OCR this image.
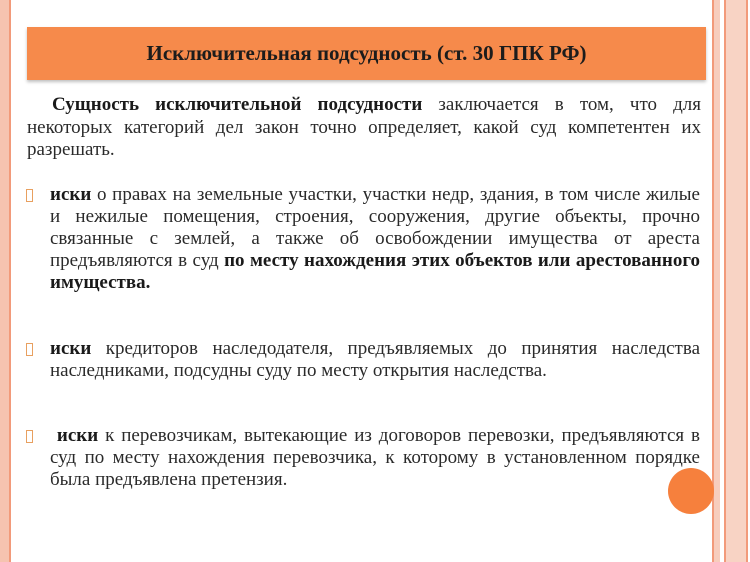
Исключительная подсудность (ст. 30 ГПК РФ)

Сущность исключительной подсудности заключается в том, что для некоторых категорий дел закон точно определяет, какой суд компетентен их разрешать.

иски о правах на земельные участки, участки недр, здания, в том числе жилые и нежилые помещения, строения, сооружения, другие объекты, прочно связанные с землей, а также об освобождении имущества от ареста предъявляются в суд по месту нахождения этих объектов или арестованного имущества.

иски кредиторов наследодателя, предъявляемых до принятия наследства наследниками, подсудны суду по месту открытия наследства.

иски к перевозчикам, вытекающие из договоров перевозки, предъявляются в суд по месту нахождения перевозчика, к которому в установленном порядке была предъявлена претензия.
